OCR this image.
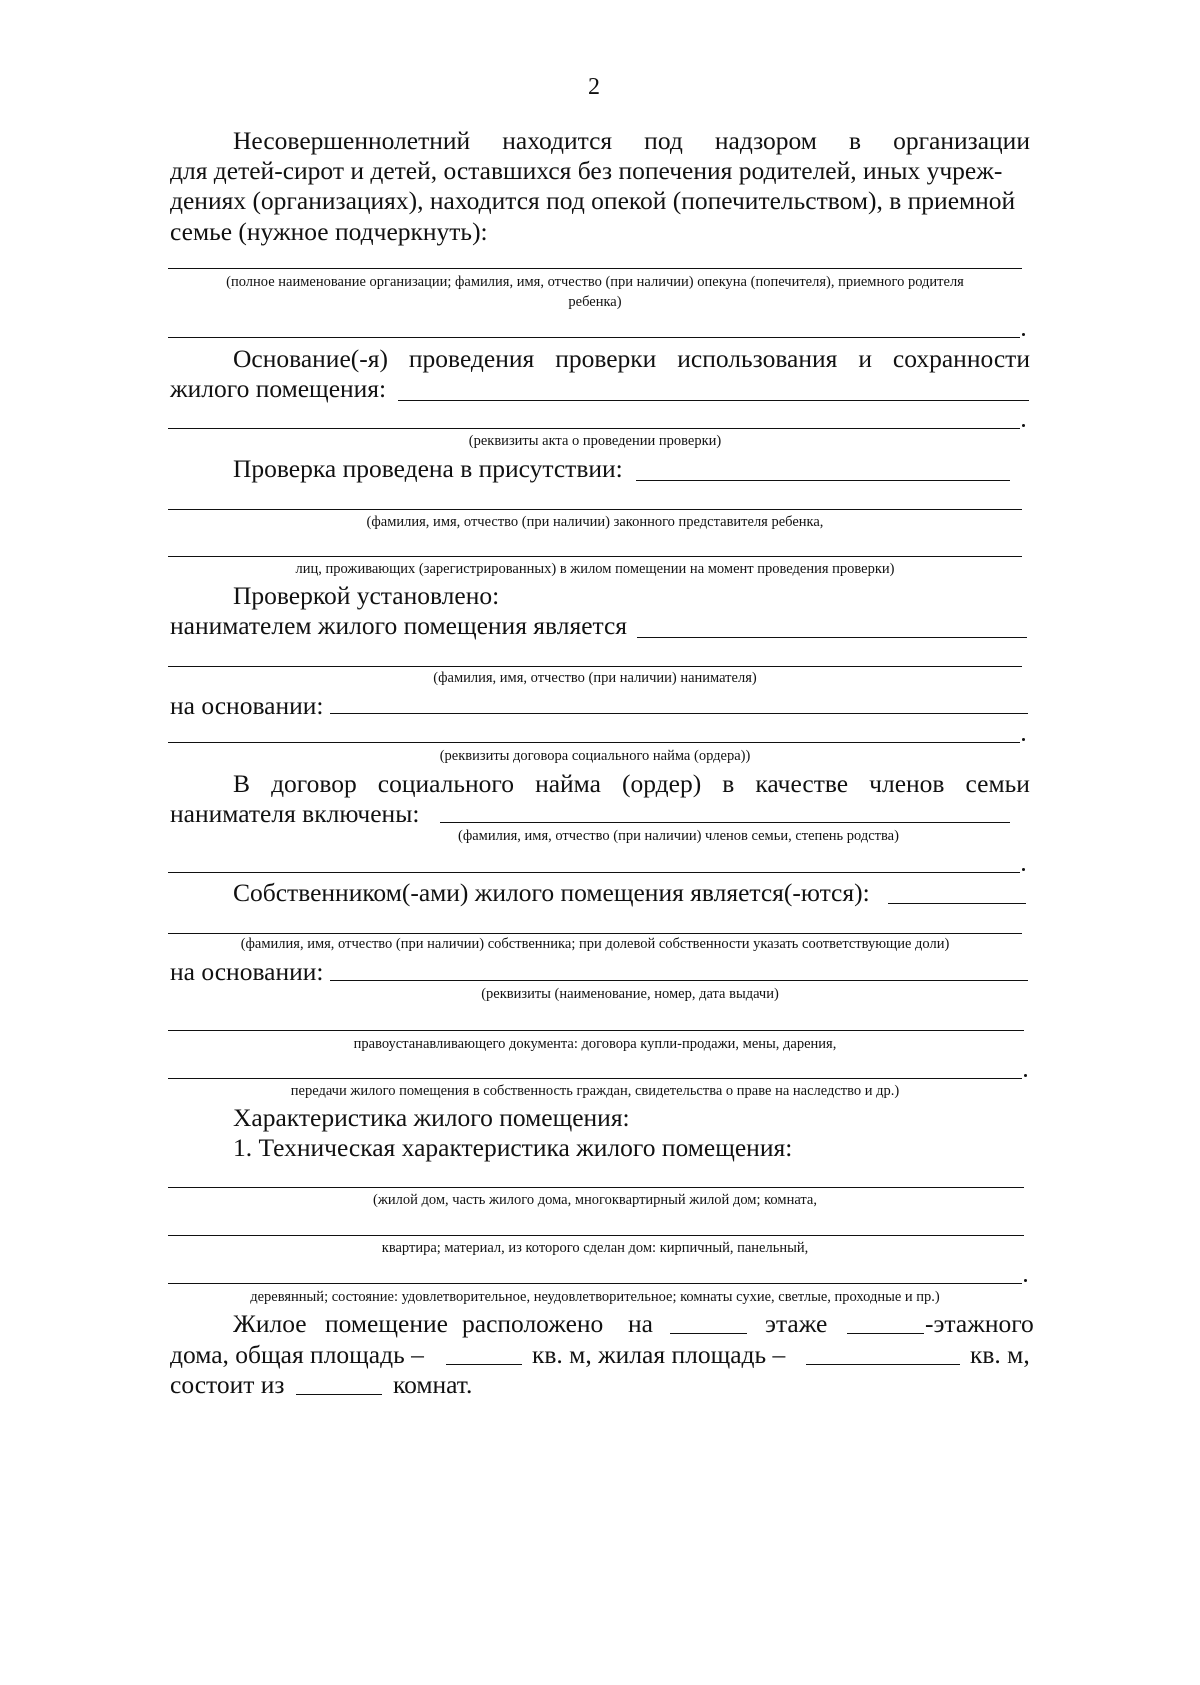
2
Несовершеннолетний находится под надзором в организации
для детей-сирот и детей, оставшихся без попечения родителей, иных учреж-
дениях (организациях), находится под опекой (попечительством), в приемной
семье (нужное подчеркнуть):
(полное наименование организации; фамилия, имя, отчество (при наличии) опекуна (попечителя), приемного родителя
ребенка)
Основание(-я) проведения проверки использования и сохранности
жилого помещения:
(реквизиты акта о проведении проверки)
Проверка проведена в присутствии:
(фамилия, имя, отчество (при наличии) законного представителя ребенка,
лиц, проживающих (зарегистрированных) в жилом помещении на момент проведения проверки)
Проверкой установлено:
нанимателем жилого помещения является
(фамилия, имя, отчество (при наличии) нанимателя)
на основании:
(реквизиты договора социального найма (ордера))
В договор социального найма (ордер) в качестве членов семьи
нанимателя включены:
(фамилия, имя, отчество (при наличии) членов семьи, степень родства)
Собственником(-ами) жилого помещения является(-ются):
(фамилия, имя, отчество (при наличии) собственника; при долевой собственности указать соответствующие доли)
на основании:
(реквизиты (наименование, номер, дата выдачи)
правоустанавливающего документа: договора купли-продажи, мены, дарения,
передачи жилого помещения в собственность граждан, свидетельства о праве на наследство и др.)
Характеристика жилого помещения:
1. Техническая характеристика жилого помещения:
(жилой дом, часть жилого дома, многоквартирный жилой дом; комната,
квартира; материал, из которого сделан дом: кирпичный, панельный,
деревянный; состояние: удовлетворительное, неудовлетворительное; комнаты сухие, светлые, проходные и пр.)
Жилое помещение расположено на	этаже	-этажного
дома, общая площадь –	кв. м, жилая площадь –	кв. м,
состоит из	комнат.
